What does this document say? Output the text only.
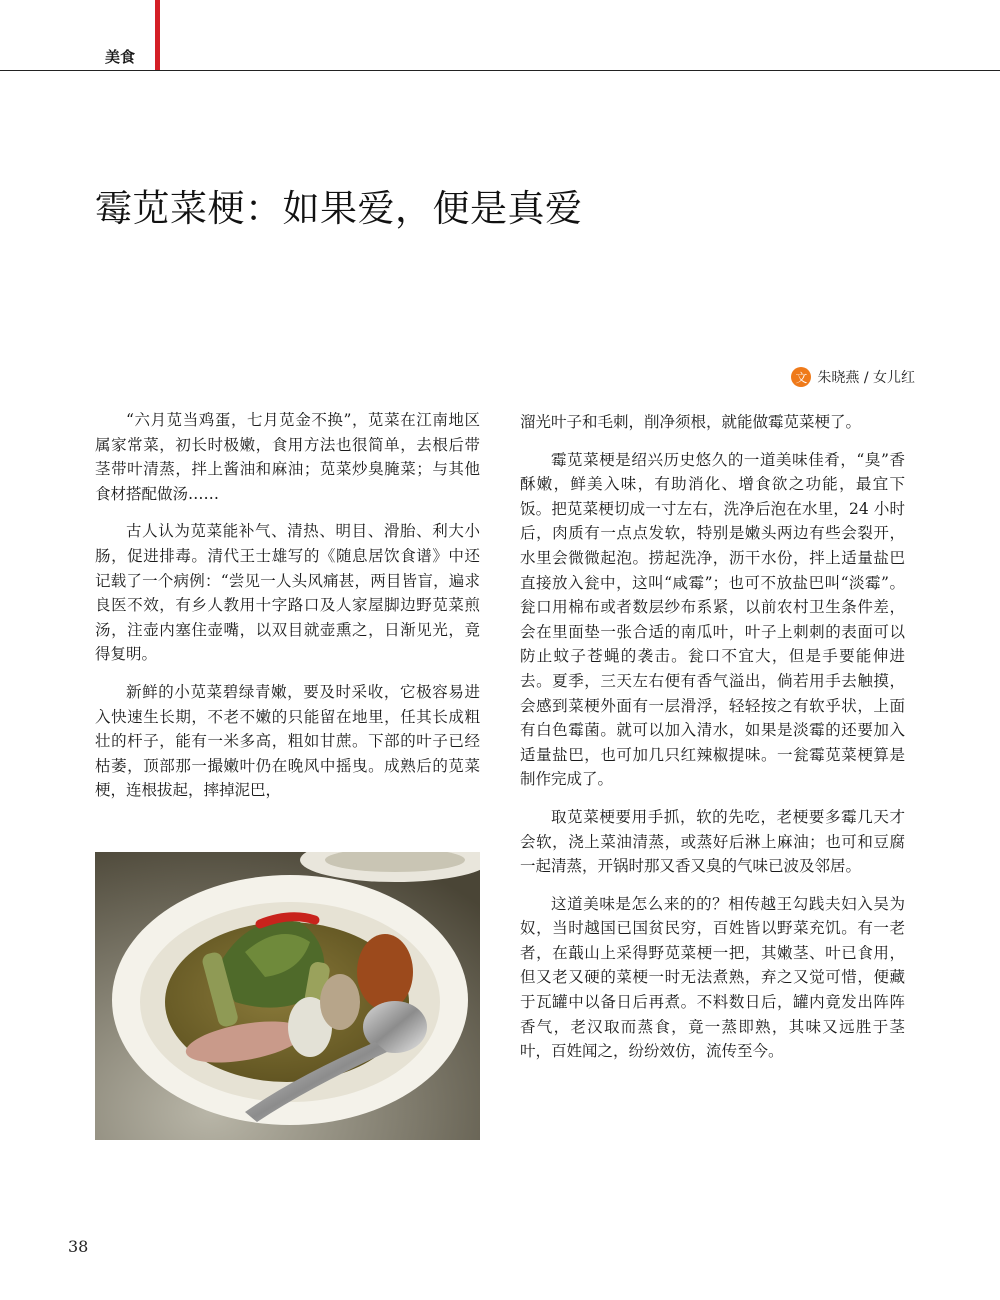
美食
霉苋菜梗：如果爱，便是真爱
文 朱晓燕 / 女儿红

“六月苋当鸡蛋，七月苋金不换”，苋菜在江南地区属家常菜，初长时极嫩，食用方法也很简单，去根后带茎带叶清蒸，拌上酱油和麻油；苋菜炒臭腌菜；与其他食材搭配做汤……

古人认为苋菜能补气、清热、明目、滑胎、利大小肠，促进排毒。清代王士雄写的《随息居饮食谱》中还记载了一个病例：“尝见一人头风痛甚，两目皆盲，遍求良医不效，有乡人教用十字路口及人家屋脚边野苋菜煎汤，注壶内塞住壶嘴，以双目就壶熏之，日渐见光，竟得复明。

新鲜的小苋菜碧绿青嫩，要及时采收，它极容易进入快速生长期，不老不嫩的只能留在地里，任其长成粗壮的杆子，能有一米多高，粗如甘蔗。下部的叶子已经枯萎，顶部那一撮嫩叶仍在晚风中摇曳。成熟后的苋菜梗，连根拔起，摔掉泥巴，

溜光叶子和毛刺，削净须根，就能做霉苋菜梗了。

霉苋菜梗是绍兴历史悠久的一道美味佳肴，“臭”香酥嫩，鲜美入味，有助消化、增食欲之功能，最宜下饭。把苋菜梗切成一寸左右，洗净后泡在水里，24 小时后，肉质有一点点发软，特别是嫩头两边有些会裂开，水里会微微起泡。捞起洗净，沥干水份，拌上适量盐巴直接放入瓮中，这叫“咸霉”；也可不放盐巴叫“淡霉”。瓮口用棉布或者数层纱布系紧，以前农村卫生条件差，会在里面垫一张合适的南瓜叶，叶子上刺刺的表面可以防止蚊子苍蝇的袭击。瓮口不宜大，但是手要能伸进去。夏季，三天左右便有香气溢出，倘若用手去触摸，会感到菜梗外面有一层滑浮，轻轻按之有软乎状，上面有白色霉菌。就可以加入清水，如果是淡霉的还要加入适量盐巴，也可加几只红辣椒提味。一瓮霉苋菜梗算是制作完成了。

取苋菜梗要用手抓，软的先吃，老梗要多霉几天才会软，浇上菜油清蒸，或蒸好后淋上麻油；也可和豆腐一起清蒸，开锅时那又香又臭的气味已波及邻居。

这道美味是怎么来的的？相传越王勾践夫妇入吴为奴，当时越国已国贫民穷，百姓皆以野菜充饥。有一老者，在蕺山上采得野苋菜梗一把，其嫩茎、叶已食用，但又老又硬的菜梗一时无法煮熟，弃之又觉可惜，便藏于瓦罐中以备日后再煮。不料数日后，罐内竟发出阵阵香气，老汉取而蒸食，竟一蒸即熟，其味又远胜于茎叶，百姓闻之，纷纷效仿，流传至今。

38
